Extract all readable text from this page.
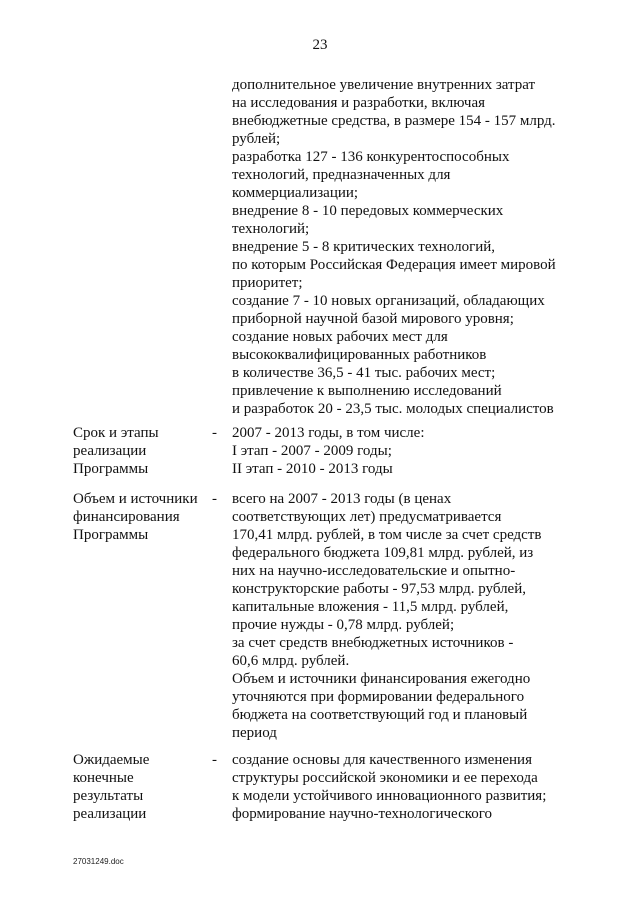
23
дополнительное увеличение внутренних затрат
на исследования и разработки, включая
внебюджетные средства, в размере 154 - 157 млрд.
рублей;
разработка 127 - 136 конкурентоспособных
технологий, предназначенных для
коммерциализации;
внедрение 8 - 10 передовых коммерческих
технологий;
внедрение 5 - 8 критических технологий,
по которым Российская Федерация имеет мировой
приоритет;
создание 7 - 10 новых организаций, обладающих
приборной научной базой мирового уровня;
создание новых рабочих мест для
высококвалифицированных работников
в количестве 36,5 - 41 тыс. рабочих мест;
привлечение к выполнению исследований
и разработок 20 - 23,5 тыс. молодых специалистов
Срок и этапы
реализации
Программы
- 2007 - 2013 годы, в том числе:
I этап - 2007 - 2009 годы;
II этап - 2010 - 2013 годы
Объем и источники
финансирования
Программы
- всего на 2007 - 2013 годы (в ценах
соответствующих лет) предусматривается
170,41 млрд. рублей, в том числе за счет средств
федерального бюджета 109,81 млрд. рублей, из
них на научно-исследовательские и опытно-
конструкторские работы - 97,53 млрд. рублей,
капитальные вложения - 11,5 млрд. рублей,
прочие нужды - 0,78 млрд. рублей;
за счет средств внебюджетных источников -
60,6 млрд. рублей.
Объем и источники финансирования ежегодно
уточняются при формировании федерального
бюджета на соответствующий год и плановый
период
Ожидаемые
конечные
результаты
реализации
- создание основы для качественного изменения
структуры российской экономики и ее перехода
к модели устойчивого инновационного развития;
формирование научно-технологического
27031249.doc
